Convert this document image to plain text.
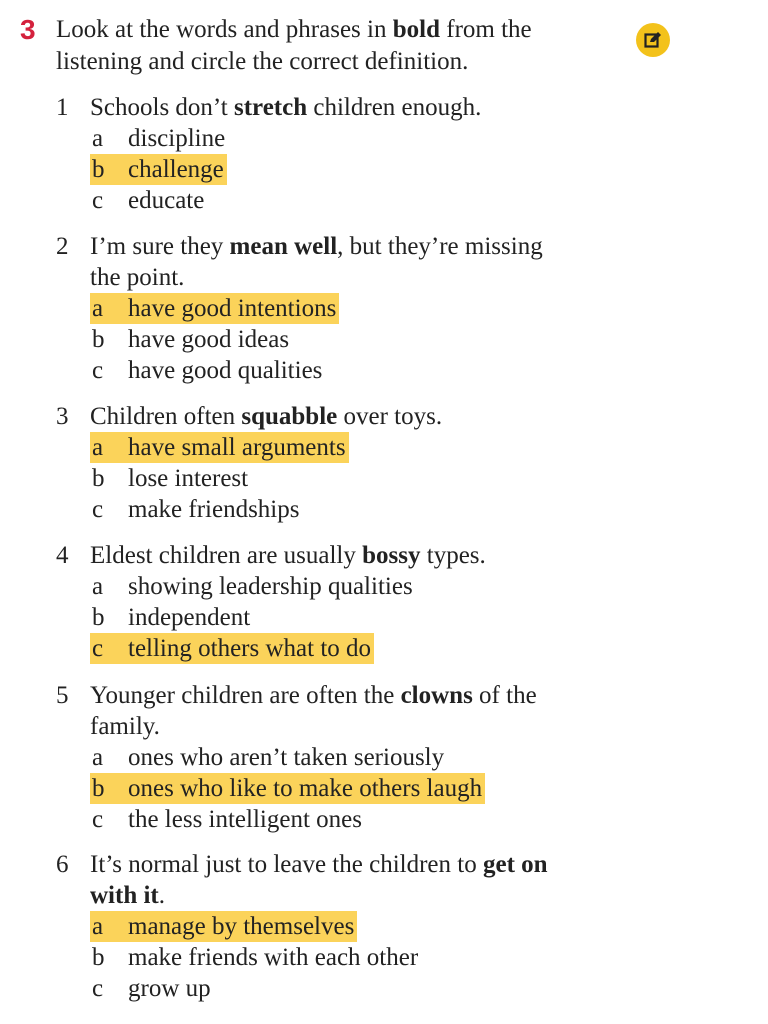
3 Look at the words and phrases in bold from the
listening and circle the correct definition.
1 Schools don’t stretch children enough.
a discipline
b challenge
c educate
2 I’m sure they mean well, but they’re missing
the point.
a have good intentions
b have good ideas
c have good qualities
3 Children often squabble over toys.
a have small arguments
b lose interest
c make friendships
4 Eldest children are usually bossy types.
a showing leadership qualities
b independent
c telling others what to do
5 Younger children are often the clowns of the
family.
a ones who aren’t taken seriously
b ones who like to make others laugh
c the less intelligent ones
6 It’s normal just to leave the children to get on
with it.
a manage by themselves
b make friends with each other
c grow up
